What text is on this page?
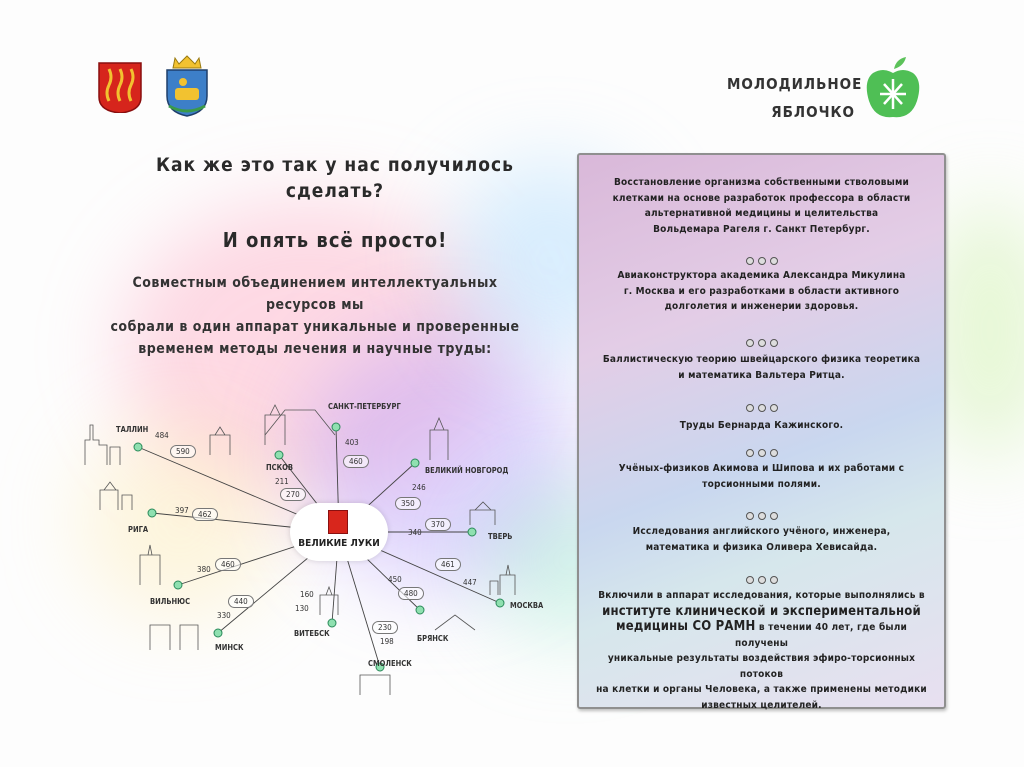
МОЛОДИЛЬНОЕ
ЯБЛОЧКО
Как же это так у нас получилось
сделать?
И опять всё просто!
Совместным объединением интеллектуальных ресурсов мы
собрали в один аппарат уникальные и проверенные
временем методы лечения и научные труды:
ВЕЛИКИЕ ЛУКИ
ТАЛЛИН
484
590
САНКТ-ПЕТЕРБУРГ
403
460
ПСКОВ
211
270
ВЕЛИКИЙ НОВГОРОД
246
350
РИГА
397	462
ТВЕРЬ
340
370
ВИЛЬНЮС
380
460
МОСКВА
461
447
МИНСК
440
330
ВИТЕБСК
160
130
БРЯНСК
450
480
СМОЛЕНСК
230
198
Восстановление организма собственными стволовыми
клетками на основе разработок профессора в области
альтернативной медицины и целительства
Вольдемара Рагеля г. Санкт Петербург.
Авиаконструктора академика Александра Микулина
г. Москва и его разработками в области активного
долголетия и инженерии здоровья.
Баллистическую теорию швейцарского физика теоретика
и математика Вальтера Ритца.
Труды Бернарда Кажинского.
Учёных-физиков Акимова и Шипова и их работами с
торсионными полями.
Исследования английского учёного, инженера,
математика и физика Оливера Хевисайда.
Включили в аппарат исследования, которые выполнялись в
институте клинической и экспериментальной
медицины СО РАМН в течении 40 лет, где были получены
уникальные результаты воздействия эфиро-торсионных потоков
на клетки и органы Человека, а также применены методики
известных целителей.
